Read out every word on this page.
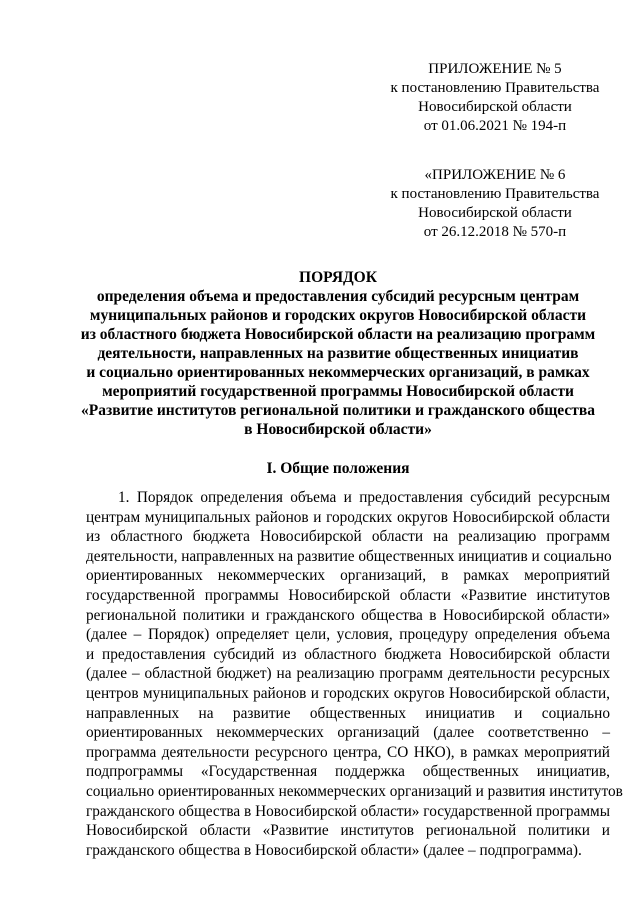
ПРИЛОЖЕНИЕ № 5
к постановлению Правительства
Новосибирской области
от 01.06.2021 № 194-п
«ПРИЛОЖЕНИЕ № 6
к постановлению Правительства
Новосибирской области
от 26.12.2018 № 570-п
ПОРЯДОК
определения объема и предоставления субсидий ресурсным центрам
муниципальных районов и городских округов Новосибирской области
из областного бюджета Новосибирской области на реализацию программ
деятельности, направленных на развитие общественных инициатив
и социально ориентированных некоммерческих организаций, в рамках
мероприятий государственной программы Новосибирской области
«Развитие институтов региональной политики и гражданского общества
в Новосибирской области»
I. Общие положения
1. Порядок определения объема и предоставления субсидий ресурсным
центрам муниципальных районов и городских округов Новосибирской области
из областного бюджета Новосибирской области на реализацию программ
деятельности, направленных на развитие общественных инициатив и социально
ориентированных некоммерческих организаций, в рамках мероприятий
государственной программы Новосибирской области «Развитие институтов
региональной политики и гражданского общества в Новосибирской области»
(далее – Порядок) определяет цели, условия, процедуру определения объема
и предоставления субсидий из областного бюджета Новосибирской области
(далее – областной бюджет) на реализацию программ деятельности ресурсных
центров муниципальных районов и городских округов Новосибирской области,
направленных на развитие общественных инициатив и социально
ориентированных некоммерческих организаций (далее соответственно –
программа деятельности ресурсного центра, СО НКО), в рамках мероприятий
подпрограммы «Государственная поддержка общественных инициатив,
социально ориентированных некоммерческих организаций и развития институтов
гражданского общества в Новосибирской области» государственной программы
Новосибирской области «Развитие институтов региональной политики и
гражданского общества в Новосибирской области» (далее – подпрограмма).
